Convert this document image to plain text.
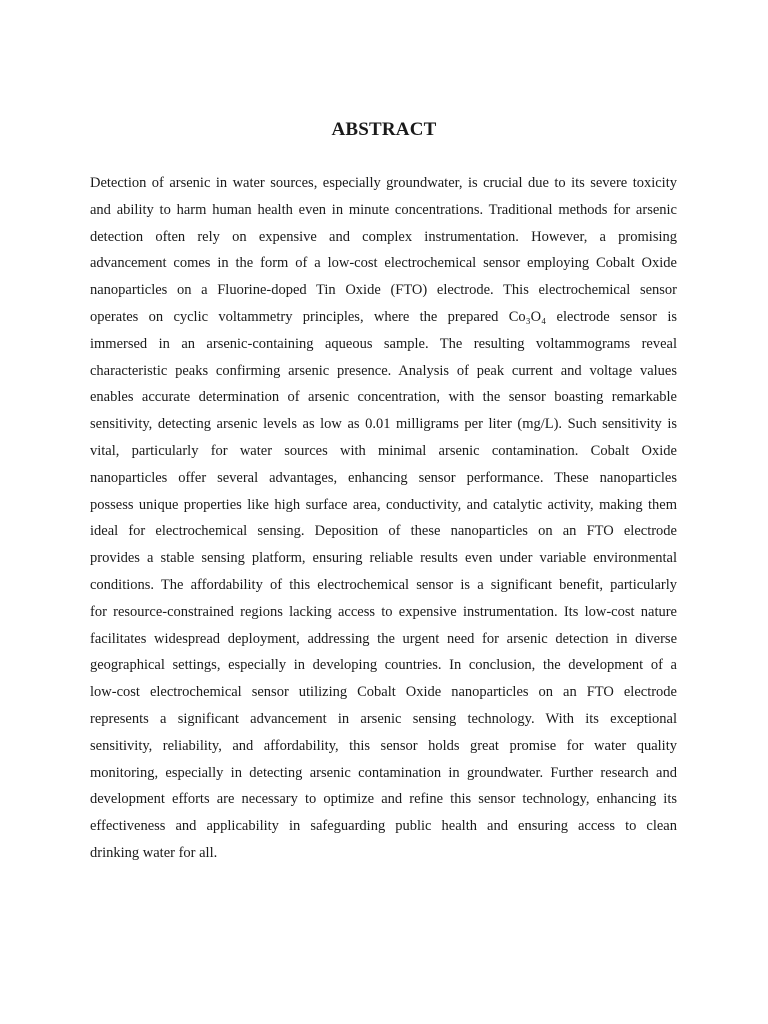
ABSTRACT
Detection of arsenic in water sources, especially groundwater, is crucial due to its severe toxicity
and ability to harm human health even in minute concentrations. Traditional methods for arsenic
detection often rely on expensive and complex instrumentation. However, a promising
advancement comes in the form of a low-cost electrochemical sensor employing Cobalt Oxide
nanoparticles on a Fluorine-doped Tin Oxide (FTO) electrode. This electrochemical sensor
operates on cyclic voltammetry principles, where the prepared Co₃O₄ electrode sensor is
immersed in an arsenic-containing aqueous sample. The resulting voltammograms reveal
characteristic peaks confirming arsenic presence. Analysis of peak current and voltage values
enables accurate determination of arsenic concentration, with the sensor boasting remarkable
sensitivity, detecting arsenic levels as low as 0.01 milligrams per liter (mg/L). Such sensitivity is
vital, particularly for water sources with minimal arsenic contamination. Cobalt Oxide
nanoparticles offer several advantages, enhancing sensor performance. These nanoparticles
possess unique properties like high surface area, conductivity, and catalytic activity, making them
ideal for electrochemical sensing. Deposition of these nanoparticles on an FTO electrode
provides a stable sensing platform, ensuring reliable results even under variable environmental
conditions. The affordability of this electrochemical sensor is a significant benefit, particularly
for resource-constrained regions lacking access to expensive instrumentation. Its low-cost nature
facilitates widespread deployment, addressing the urgent need for arsenic detection in diverse
geographical settings, especially in developing countries. In conclusion, the development of a
low-cost electrochemical sensor utilizing Cobalt Oxide nanoparticles on an FTO electrode
represents a significant advancement in arsenic sensing technology. With its exceptional
sensitivity, reliability, and affordability, this sensor holds great promise for water quality
monitoring, especially in detecting arsenic contamination in groundwater. Further research and
development efforts are necessary to optimize and refine this sensor technology, enhancing its
effectiveness and applicability in safeguarding public health and ensuring access to clean
drinking water for all.
